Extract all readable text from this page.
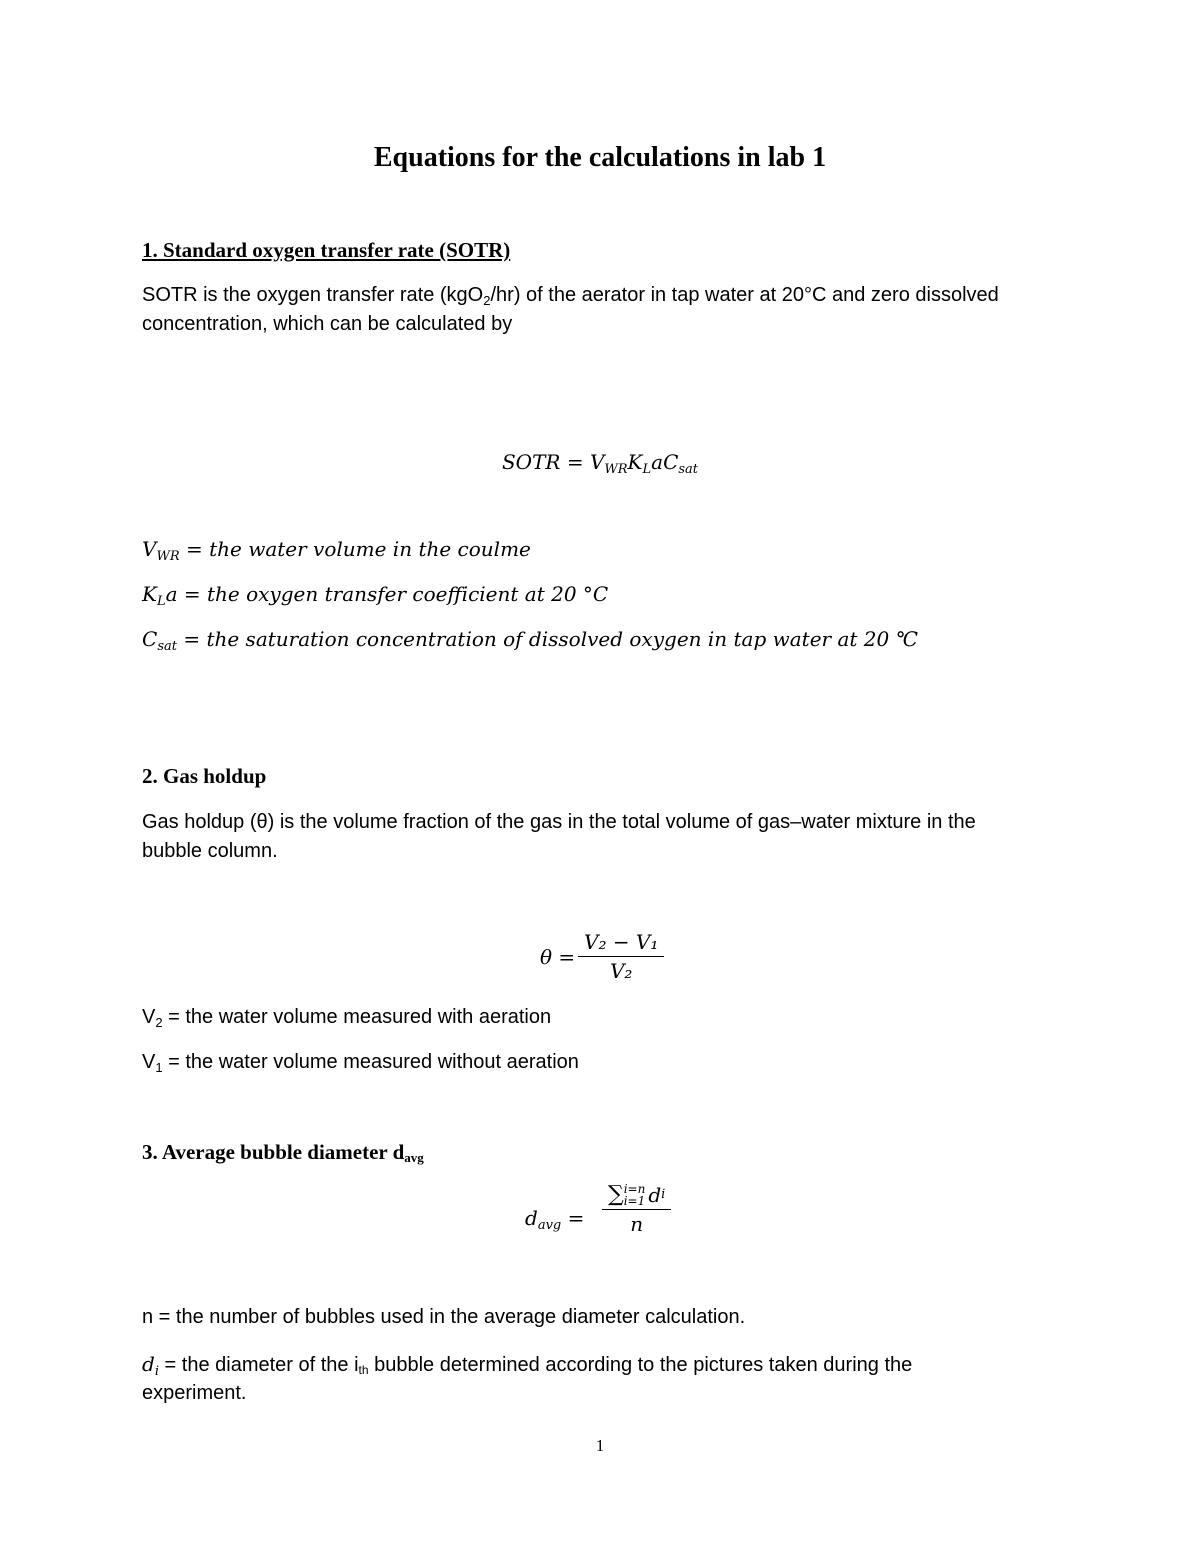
Equations for the calculations in lab 1
1. Standard oxygen transfer rate (SOTR)
SOTR is the oxygen transfer rate (kgO$_2$/hr) of the aerator in tap water at 20°C and zero dissolved
concentration, which can be calculated by
SOTR = $V_{WR}K_LaC_{sat}$
$V_{WR}$ = the water volume in the coulme
$K_La$ = the oxygen transfer coefficient at 20 °C
$C_{sat}$ = the saturation concentration of dissolved oxygen in tap water at 20 ℃
2. Gas holdup
Gas holdup (θ) is the volume fraction of the gas in the total volume of gas–water mixture in the
bubble column.
θ =
V₂ − V₁
V₂
$V_2$ = the water volume measured with aeration
$V_1$ = the water volume measured without aeration
3. Average bubble diameter $d_{avg}$
$d_{avg}$ =
∑ i=n
i=1 d i
n
n = the number of bubbles used in the average diameter calculation.
$d_i$ = the diameter of the $i_{th}$ bubble determined according to the pictures taken during the
experiment.
1
